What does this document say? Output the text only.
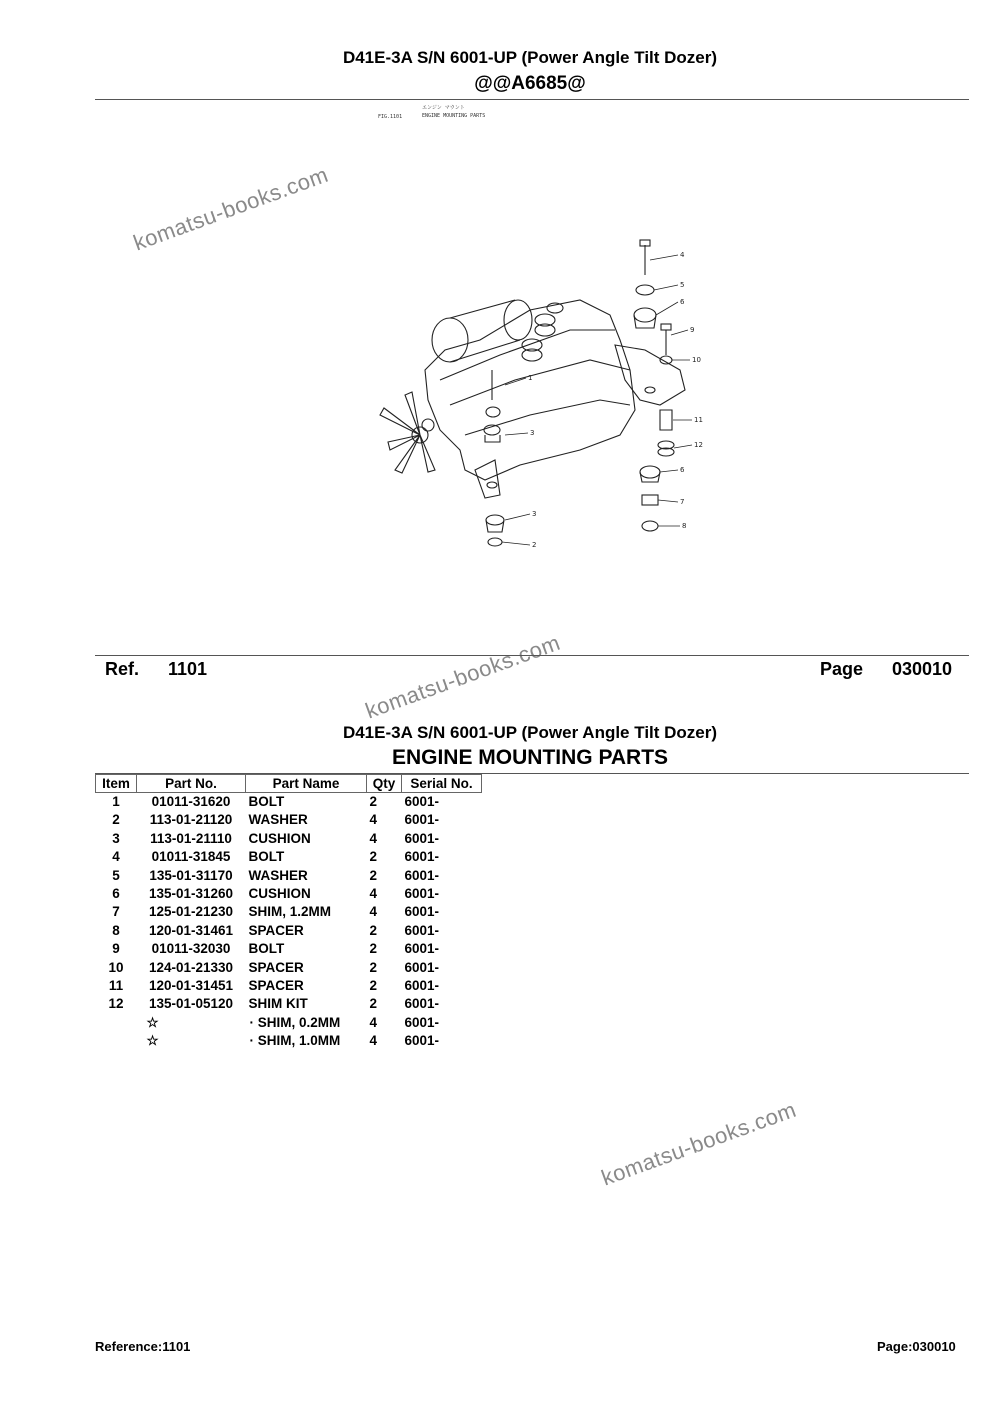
D41E-3A S/N 6001-UP (Power Angle Tilt Dozer)
@@A6685@
FIG.1101
エンジン マウント
ENGINE MOUNTING PARTS
4
5
6
9
10
11
12
6
7
8
3
2
1
3
komatsu-books.com
komatsu-books.com
komatsu-books.com
Ref. 1101	Page 030010
D41E-3A S/N 6001-UP (Power Angle Tilt Dozer)
ENGINE MOUNTING PARTS
Item	Part No.	Part Name	Qty	Serial No.
1	01011-31620	BOLT	2	6001-
2	113-01-21120	WASHER	4	6001-
3	113-01-21110	CUSHION	4	6001-
4	01011-31845	BOLT	2	6001-
5	135-01-31170	WASHER	2	6001-
6	135-01-31260	CUSHION	4	6001-
7	125-01-21230	SHIM, 1.2MM	4	6001-
8	120-01-31461	SPACER	2	6001-
9	01011-32030	BOLT	2	6001-
10	124-01-21330	SPACER	2	6001-
11	120-01-31451	SPACER	2	6001-
12	135-01-05120	SHIM KIT	2	6001-
	☆	· SHIM, 0.2MM	4	6001-
	☆	· SHIM, 1.0MM	4	6001-
Reference:1101	Page:030010
